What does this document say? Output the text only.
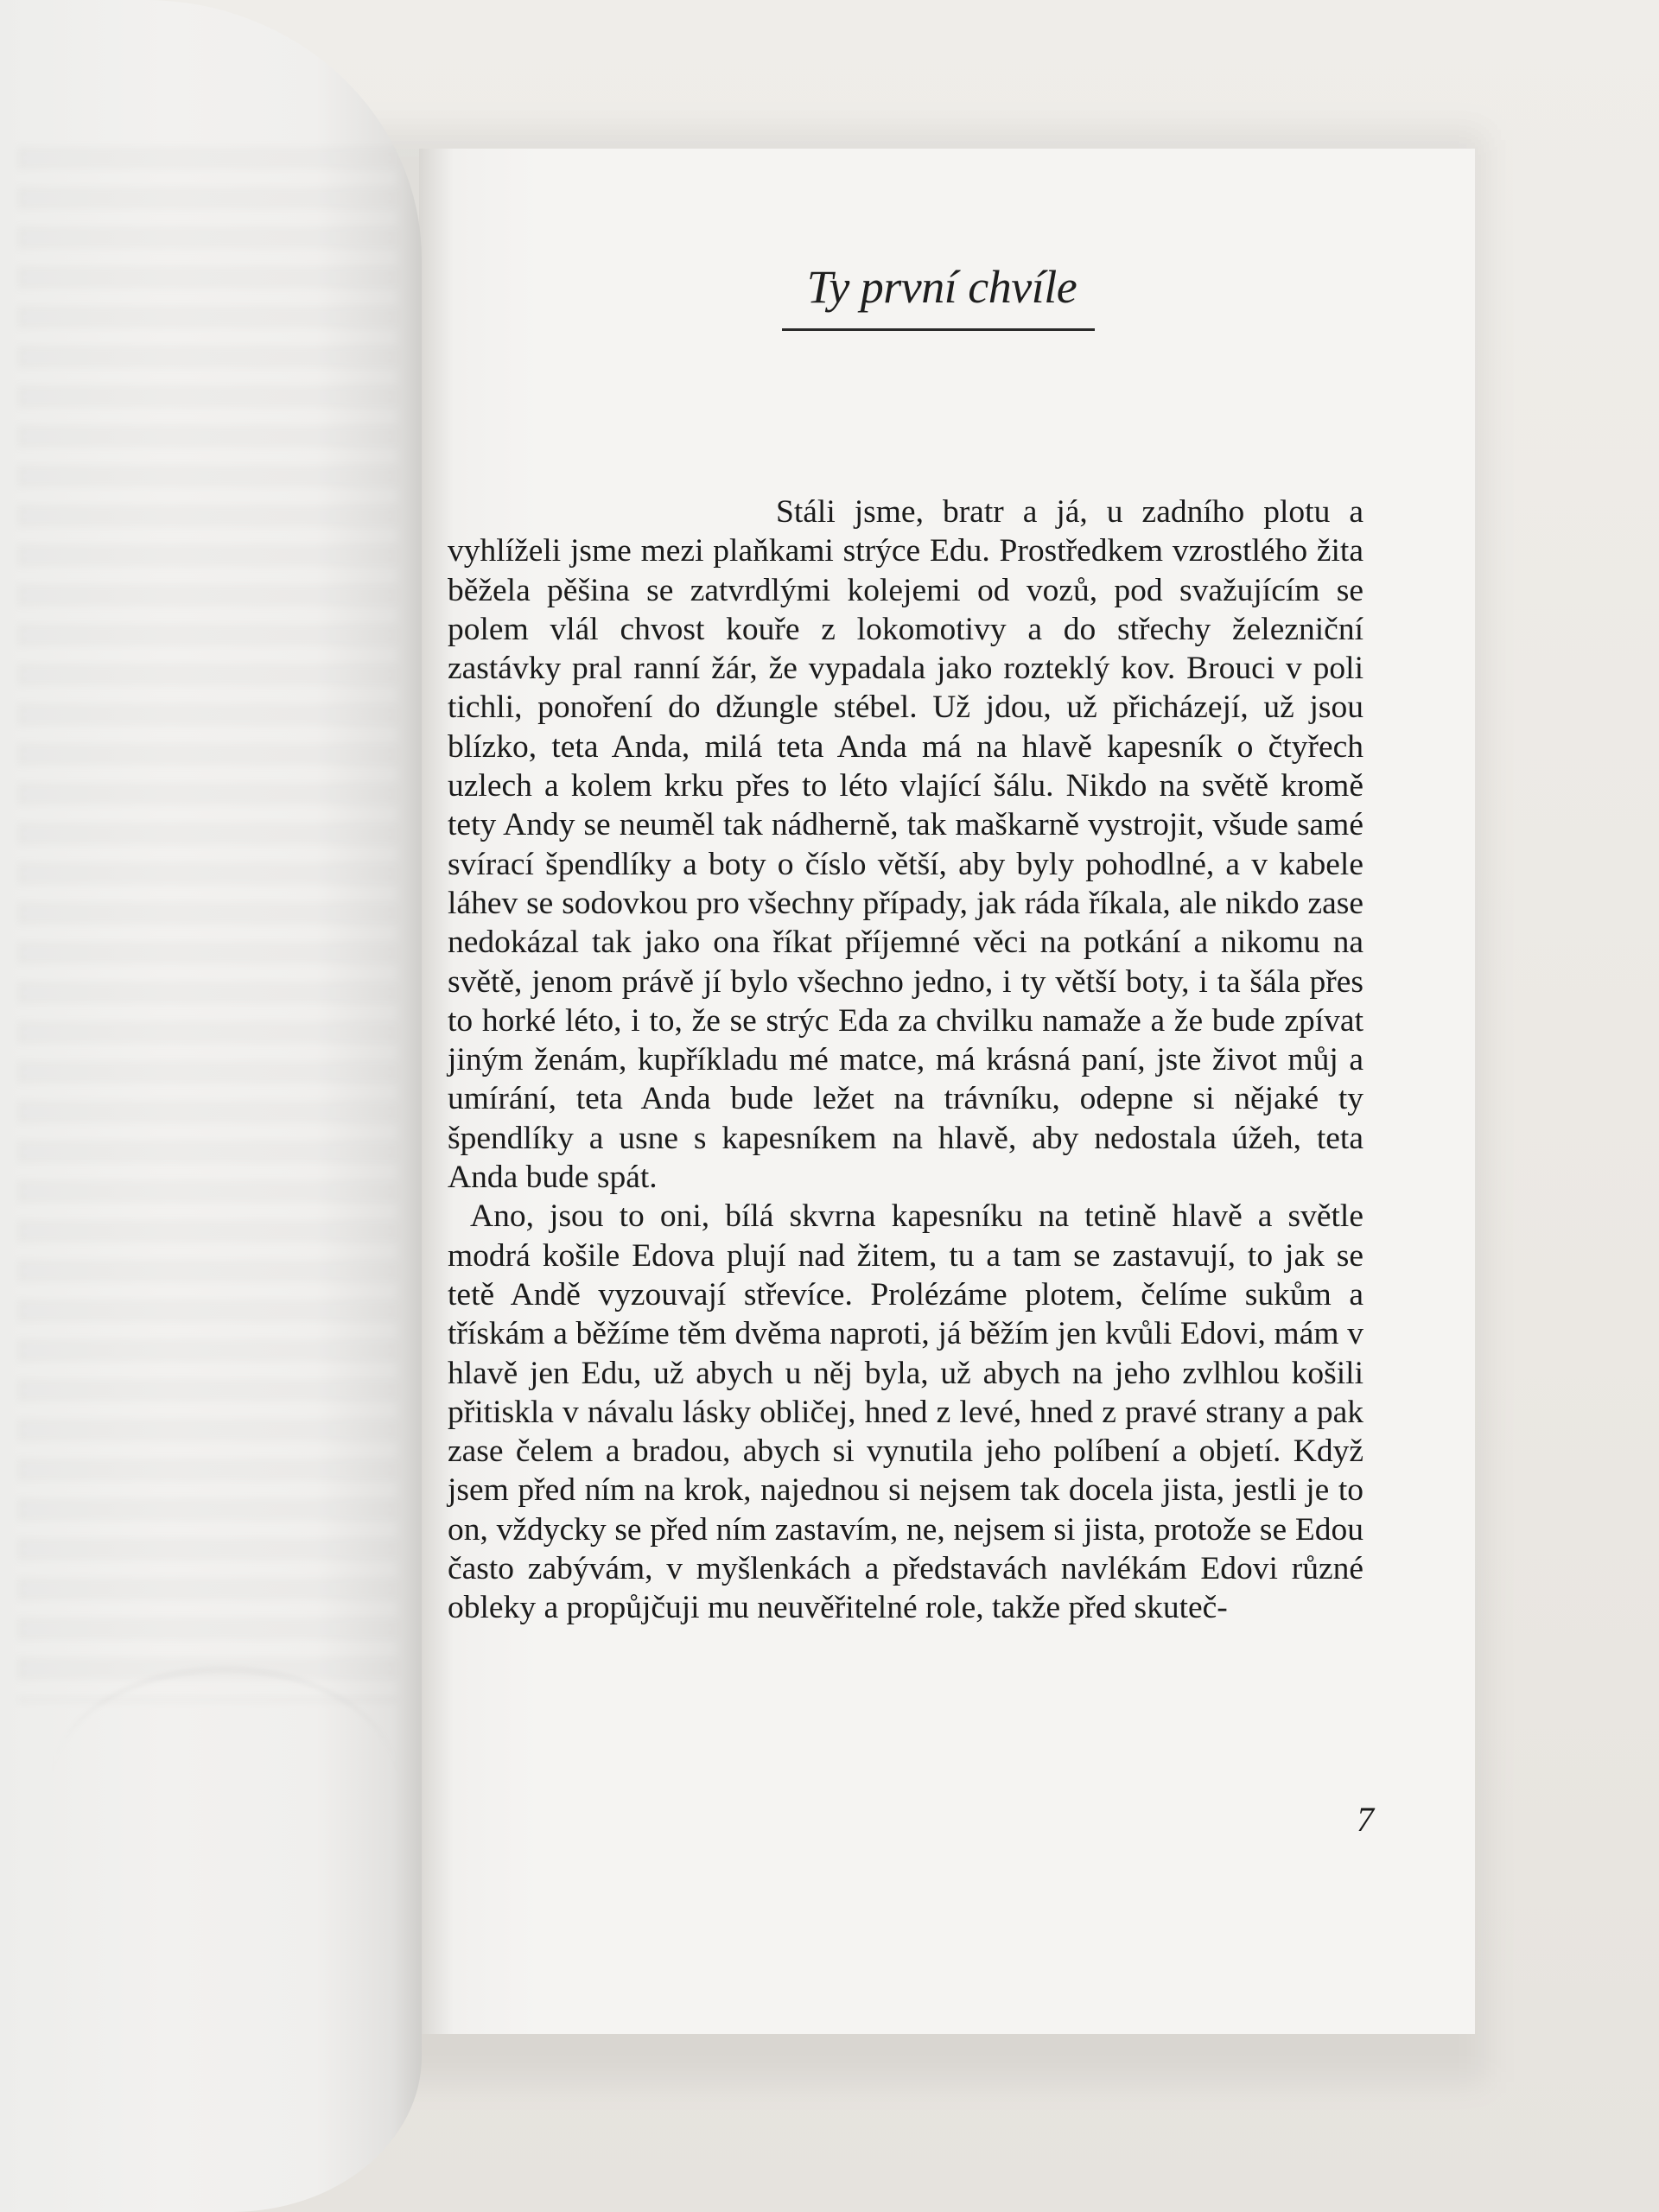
Ty první chvíle

Stáli jsme, bratr a já, u zadního plotu a vyhlíželi jsme mezi plaňkami strýce Edu. Prostředkem vzrostlého žita běžela pěšina se zatvrdlými kolejemi od vozů, pod svažujícím se polem vlál chvost kouře z lokomotivy a do střechy železniční zastávky pral ranní žár, že vypadala jako rozteklý kov. Brouci v poli tichli, ponoření do džungle stébel. Už jdou, už přicházejí, už jsou blízko, teta Anda, milá teta Anda má na hlavě kapesník o čtyřech uzlech a kolem krku přes to léto vlající šálu. Nikdo na světě kromě tety Andy se neuměl tak nádherně, tak maškarně vystrojit, všude samé svírací špendlíky a boty o číslo větší, aby byly pohodlné, a v kabele láhev se sodovkou pro všechny případy, jak ráda říkala, ale nikdo zase nedokázal tak jako ona říkat příjemné věci na potkání a nikomu na světě, jenom právě jí bylo všechno jedno, i ty větší boty, i ta šála přes to horké léto, i to, že se strýc Eda za chvilku namaže a že bude zpívat jiným ženám, kupříkladu mé matce, má krásná paní, jste život můj a umírání, teta Anda bude ležet na trávníku, odepne si nějaké ty špendlíky a usne s kapesníkem na hlavě, aby nedostala úžeh, teta Anda bude spát.

Ano, jsou to oni, bílá skvrna kapesníku na tetině hlavě a světle modrá košile Edova plují nad žitem, tu a tam se zastavují, to jak se tetě Andě vyzouvají střevíce. Prolézáme plotem, čelíme sukům a třískám a běžíme těm dvěma naproti, já běžím jen kvůli Edovi, mám v hlavě jen Edu, už abych u něj byla, už abych na jeho zvlhlou košili přitiskla v návalu lásky obličej, hned z levé, hned z pravé strany a pak zase čelem a bradou, abych si vynutila jeho políbení a objetí. Když jsem před ním na krok, najednou si nejsem tak docela jista, jestli je to on, vždycky se před ním zastavím, ne, nejsem si jista, protože se Edou často zabývám, v myšlenkách a představách navlékám Edovi různé obleky a propůjčuji mu neuvěřitelné role, takže před skuteč-

7
